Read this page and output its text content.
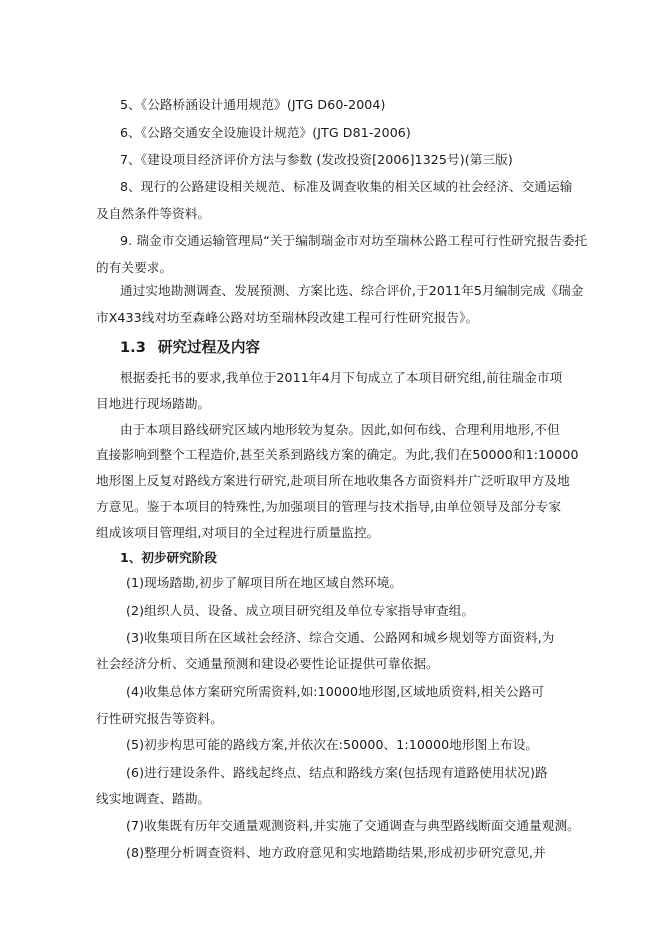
5、《公路桥涵设计通用规范》(JTG D60-2004)
6、《公路交通安全设施设计规范》(JTG D81-2006)
7、《建设项目经济评价方法与参数 (发改投资[2006]1325号)(第三版)
8、现行的公路建设相关规范、标准及调查收集的相关区域的社会经济、交通运输
及自然条件等资料。
9. 瑞金市交通运输管理局“关于编制瑞金市对坊至瑞林公路工程可行性研究报告委托
的有关要求。
通过实地勘测调查、发展预测、方案比选、综合评价,于2011年5月编制完成《瑞金
市X433线对坊至森峰公路对坊至瑞林段改建工程可行性研究报告》。
1.3 研究过程及内容
根据委托书的要求,我单位于2011年4月下旬成立了本项目研究组,前往瑞金市项
目地进行现场踏勘。
由于本项目路线研究区域内地形较为复杂。因此,如何布线、合理利用地形,不但
直接影响到整个工程造价,甚至关系到路线方案的确定。为此,我们在50000和1:10000
地形图上反复对路线方案进行研究,赴项目所在地收集各方面资料并广泛听取甲方及地
方意见。鉴于本项目的特殊性,为加强项目的管理与技术指导,由单位领导及部分专家
组成该项目管理组,对项目的全过程进行质量监控。
1、初步研究阶段
(1)现场踏勘,初步了解项目所在地区域自然环境。
(2)组织人员、设备、成立项目研究组及单位专家指导审查组。
(3)收集项目所在区域社会经济、综合交通、公路网和城乡规划等方面资料,为
社会经济分析、交通量预测和建设必要性论证提供可靠依据。
(4)收集总体方案研究所需资料,如:10000地形图,区域地质资料,相关公路可
行性研究报告等资料。
(5)初步构思可能的路线方案,并依次在:50000、1:10000地形图上布设。
(6)进行建设条件、路线起终点、结点和路线方案(包括现有道路使用状况)路
线实地调查、踏勘。
(7)收集既有历年交通量观测资料,并实施了交通调查与典型路线断面交通量观测。
(8)整理分析调查资料、地方政府意见和实地踏勘结果,形成初步研究意见,并
